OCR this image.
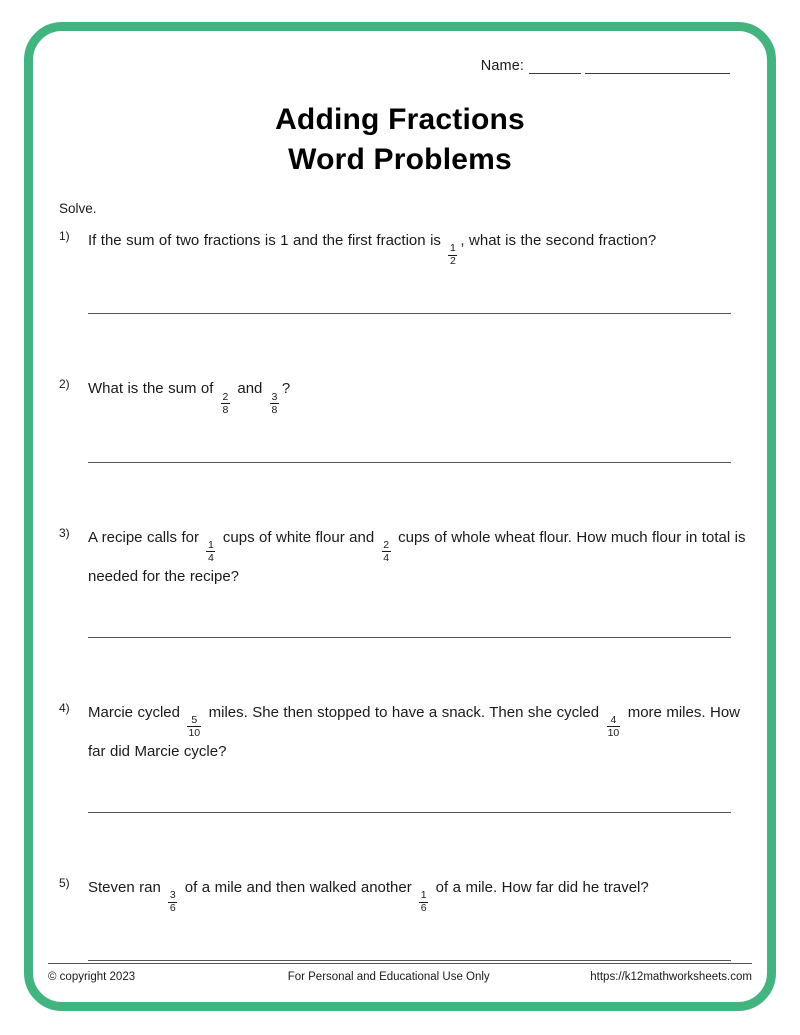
Name:
Adding Fractions
Word Problems
Solve.
1)	If the sum of two fractions is 1 and the first fraction is
$\frac{1}{2}$
, what is the second fraction?
2)	What is the sum of
$\frac{2}{8}$
and
$\frac{3}{8}$
?
3)	A recipe calls for
$\frac{1}{4}$
cups of white flour and
$\frac{2}{4}$
cups of whole wheat flour. How much flour in total is needed for the recipe?
4)	Marcie cycled
$\frac{5}{10}$
miles. She then stopped to have a snack. Then she cycled
$\frac{4}{10}$
more miles. How far did Marcie cycle?
5)	Steven ran
$\frac{3}{6}$
of a mile and then walked another
$\frac{1}{6}$
of a mile. How far did he travel?
© copyright 2023	For Personal and Educational Use Only	https://k12mathworksheets.com
